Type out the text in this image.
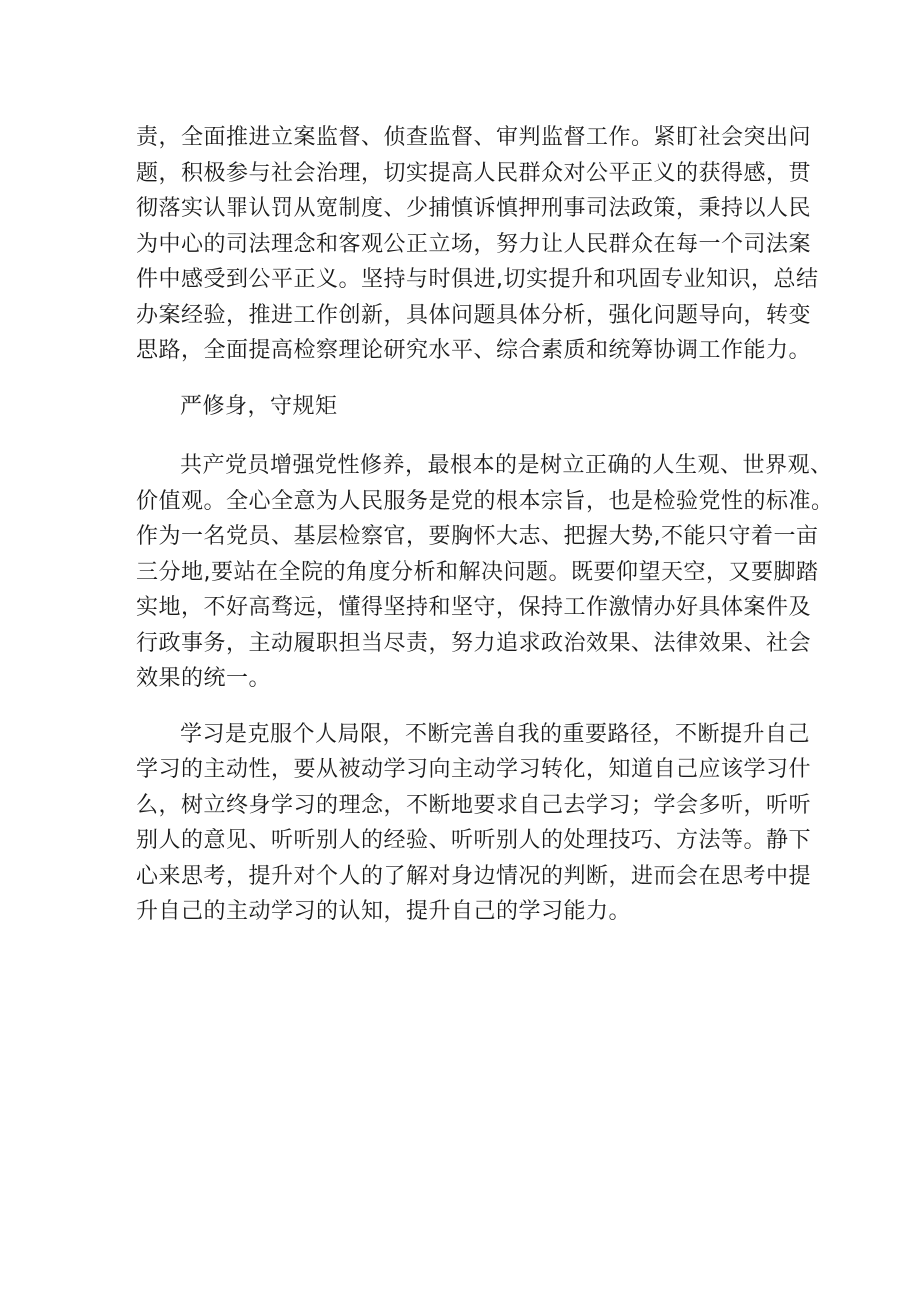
责，全面推进立案监督、侦查监督、审判监督工作。紧盯社会突出问
题，积极参与社会治理，切实提高人民群众对公平正义的获得感，贯
彻落实认罪认罚从宽制度、少捕慎诉慎押刑事司法政策，秉持以人民
为中心的司法理念和客观公正立场，努力让人民群众在每一个司法案
件中感受到公平正义。坚持与时俱进,切实提升和巩固专业知识，总结
办案经验，推进工作创新，具体问题具体分析，强化问题导向，转变
思路，全面提高检察理论研究水平、综合素质和统筹协调工作能力。
严修身，守规矩
共产党员增强党性修养，最根本的是树立正确的人生观、世界观、
价值观。全心全意为人民服务是党的根本宗旨，也是检验党性的标准。
作为一名党员、基层检察官，要胸怀大志、把握大势,不能只守着一亩
三分地,要站在全院的角度分析和解决问题。既要仰望天空，又要脚踏
实地，不好高骛远，懂得坚持和坚守，保持工作激情办好具体案件及
行政事务，主动履职担当尽责，努力追求政治效果、法律效果、社会
效果的统一。
学习是克服个人局限，不断完善自我的重要路径，不断提升自己
学习的主动性，要从被动学习向主动学习转化，知道自己应该学习什
么，树立终身学习的理念，不断地要求自己去学习；学会多听，听听
别人的意见、听听别人的经验、听听别人的处理技巧、方法等。静下
心来思考，提升对个人的了解对身边情况的判断，进而会在思考中提
升自己的主动学习的认知，提升自己的学习能力。
